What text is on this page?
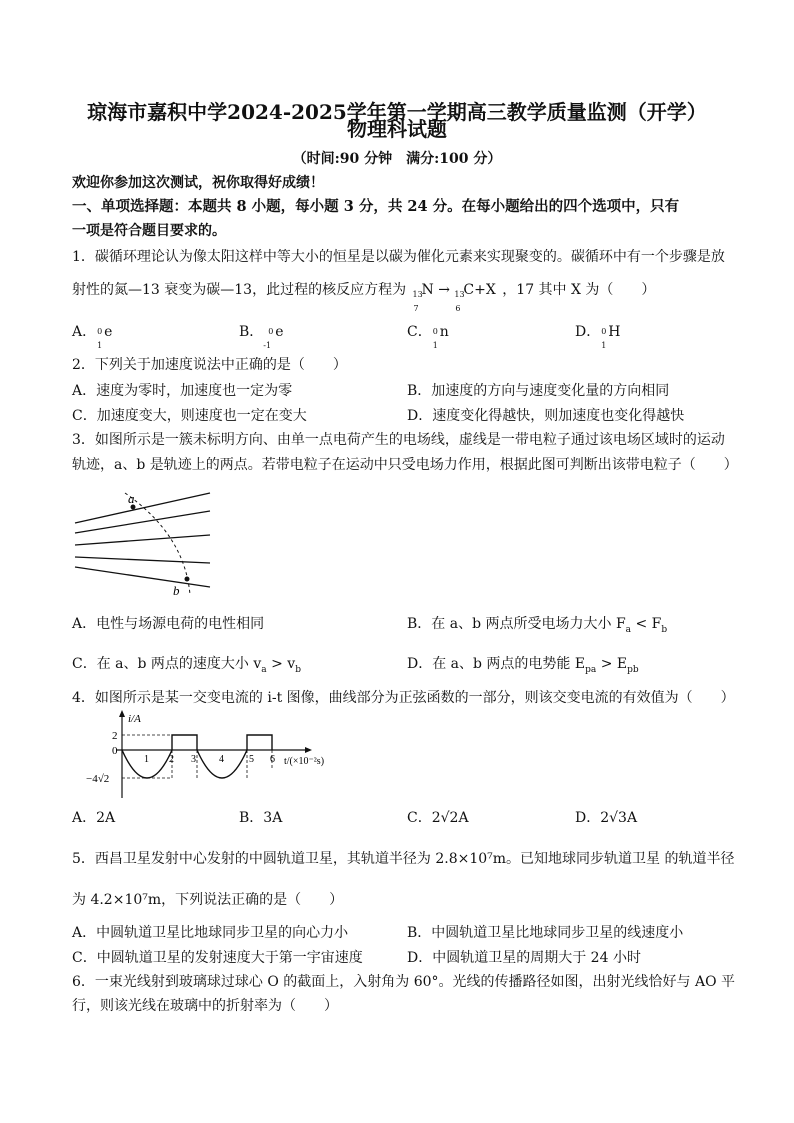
琼海市嘉积中学2024-2025学年第一学期高三教学质量监测（开学）
物理科试题
（时间:90 分钟　满分:100 分）
欢迎你参加这次测试，祝你取得好成绩！
一、单项选择题：本题共 8 小题，每小题 3 分，共 24 分。在每小题给出的四个选项中，只有
一项是符合题目要求的。
1．碳循环理论认为像太阳这样中等大小的恒星是以碳为催化元素来实现聚变的。碳循环中有一个步骤是放
射性的氮—13 衰变为碳—13，此过程的核反应方程为 13
7
N → 13
6
C+X ，17 其中 X 为（　　）
A． 0
1
e	B． 0
-1
e	C． 0
1
n	D． 0
1
H
2．下列关于加速度说法中正确的是（　　）
A．速度为零时，加速度也一定为零	B．加速度的方向与速度变化量的方向相同
C．加速度变大，则速度也一定在变大	D．速度变化得越快，则加速度也变化得越快
3．如图所示是一簇未标明方向、由单一点电荷产生的电场线，虚线是一带电粒子通过该电场区域时的运动
轨迹，a、b 是轨迹上的两点。若带电粒子在运动中只受电场力作用，根据此图可判断出该带电粒子（　　）
a
b
A．电性与场源电荷的电性相同	B．在 a、b 两点所受电场力大小 $F_a < F_b$
C．在 a、b 两点的速度大小 $v_a > v_b$	D．在 a、b 两点的电势能 $E_{pa} > E_{pb}$
4．如图所示是某一交变电流的 i-t 图像，曲线部分为正弦函数的一部分，则该交变电流的有效值为（　　）
i/A
t/(×10⁻²s)
2
0
−4√2
1 2 3 4	5 6
A．2A	B．3A	C．2√2A	D．2√3A
5．西昌卫星发射中心发射的中圆轨道卫星，其轨道半径为 2.8×10⁷m。已知地球同步轨道卫星 的轨道半径
为 4.2×10⁷m，下列说法正确的是（　　）
A．中圆轨道卫星比地球同步卫星的向心力小	B．中圆轨道卫星比地球同步卫星的线速度小
C．中圆轨道卫星的发射速度大于第一宇宙速度	D．中圆轨道卫星的周期大于 24 小时
6．一束光线射到玻璃球过球心 O 的截面上，入射角为 60°。光线的传播路径如图，出射光线恰好与 AO 平
行，则该光线在玻璃中的折射率为（　　）
